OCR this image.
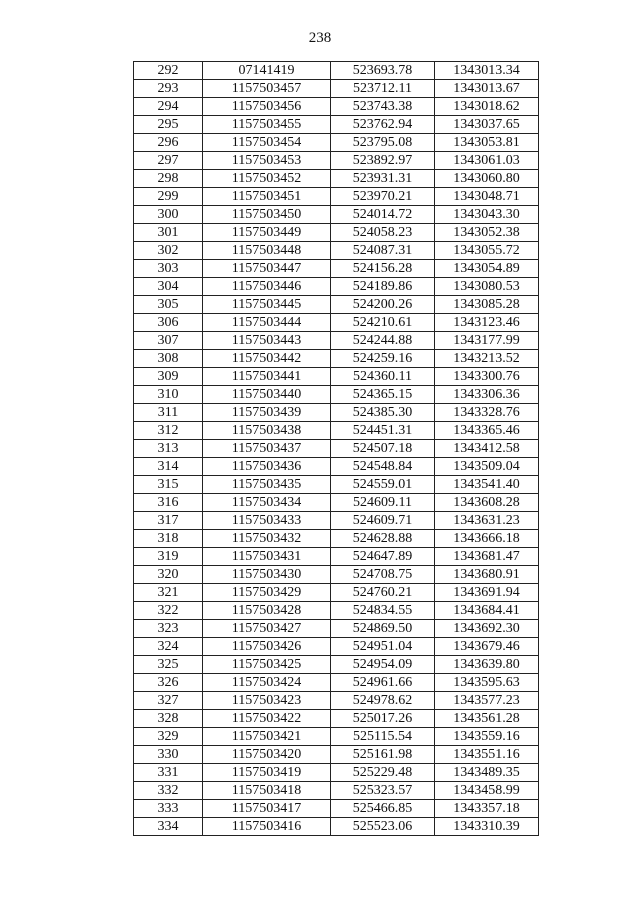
238
292	07141419	523693.78	1343013.34
293	1157503457	523712.11	1343013.67
294	1157503456	523743.38	1343018.62
295	1157503455	523762.94	1343037.65
296	1157503454	523795.08	1343053.81
297	1157503453	523892.97	1343061.03
298	1157503452	523931.31	1343060.80
299	1157503451	523970.21	1343048.71
300	1157503450	524014.72	1343043.30
301	1157503449	524058.23	1343052.38
302	1157503448	524087.31	1343055.72
303	1157503447	524156.28	1343054.89
304	1157503446	524189.86	1343080.53
305	1157503445	524200.26	1343085.28
306	1157503444	524210.61	1343123.46
307	1157503443	524244.88	1343177.99
308	1157503442	524259.16	1343213.52
309	1157503441	524360.11	1343300.76
310	1157503440	524365.15	1343306.36
311	1157503439	524385.30	1343328.76
312	1157503438	524451.31	1343365.46
313	1157503437	524507.18	1343412.58
314	1157503436	524548.84	1343509.04
315	1157503435	524559.01	1343541.40
316	1157503434	524609.11	1343608.28
317	1157503433	524609.71	1343631.23
318	1157503432	524628.88	1343666.18
319	1157503431	524647.89	1343681.47
320	1157503430	524708.75	1343680.91
321	1157503429	524760.21	1343691.94
322	1157503428	524834.55	1343684.41
323	1157503427	524869.50	1343692.30
324	1157503426	524951.04	1343679.46
325	1157503425	524954.09	1343639.80
326	1157503424	524961.66	1343595.63
327	1157503423	524978.62	1343577.23
328	1157503422	525017.26	1343561.28
329	1157503421	525115.54	1343559.16
330	1157503420	525161.98	1343551.16
331	1157503419	525229.48	1343489.35
332	1157503418	525323.57	1343458.99
333	1157503417	525466.85	1343357.18
334	1157503416	525523.06	1343310.39
